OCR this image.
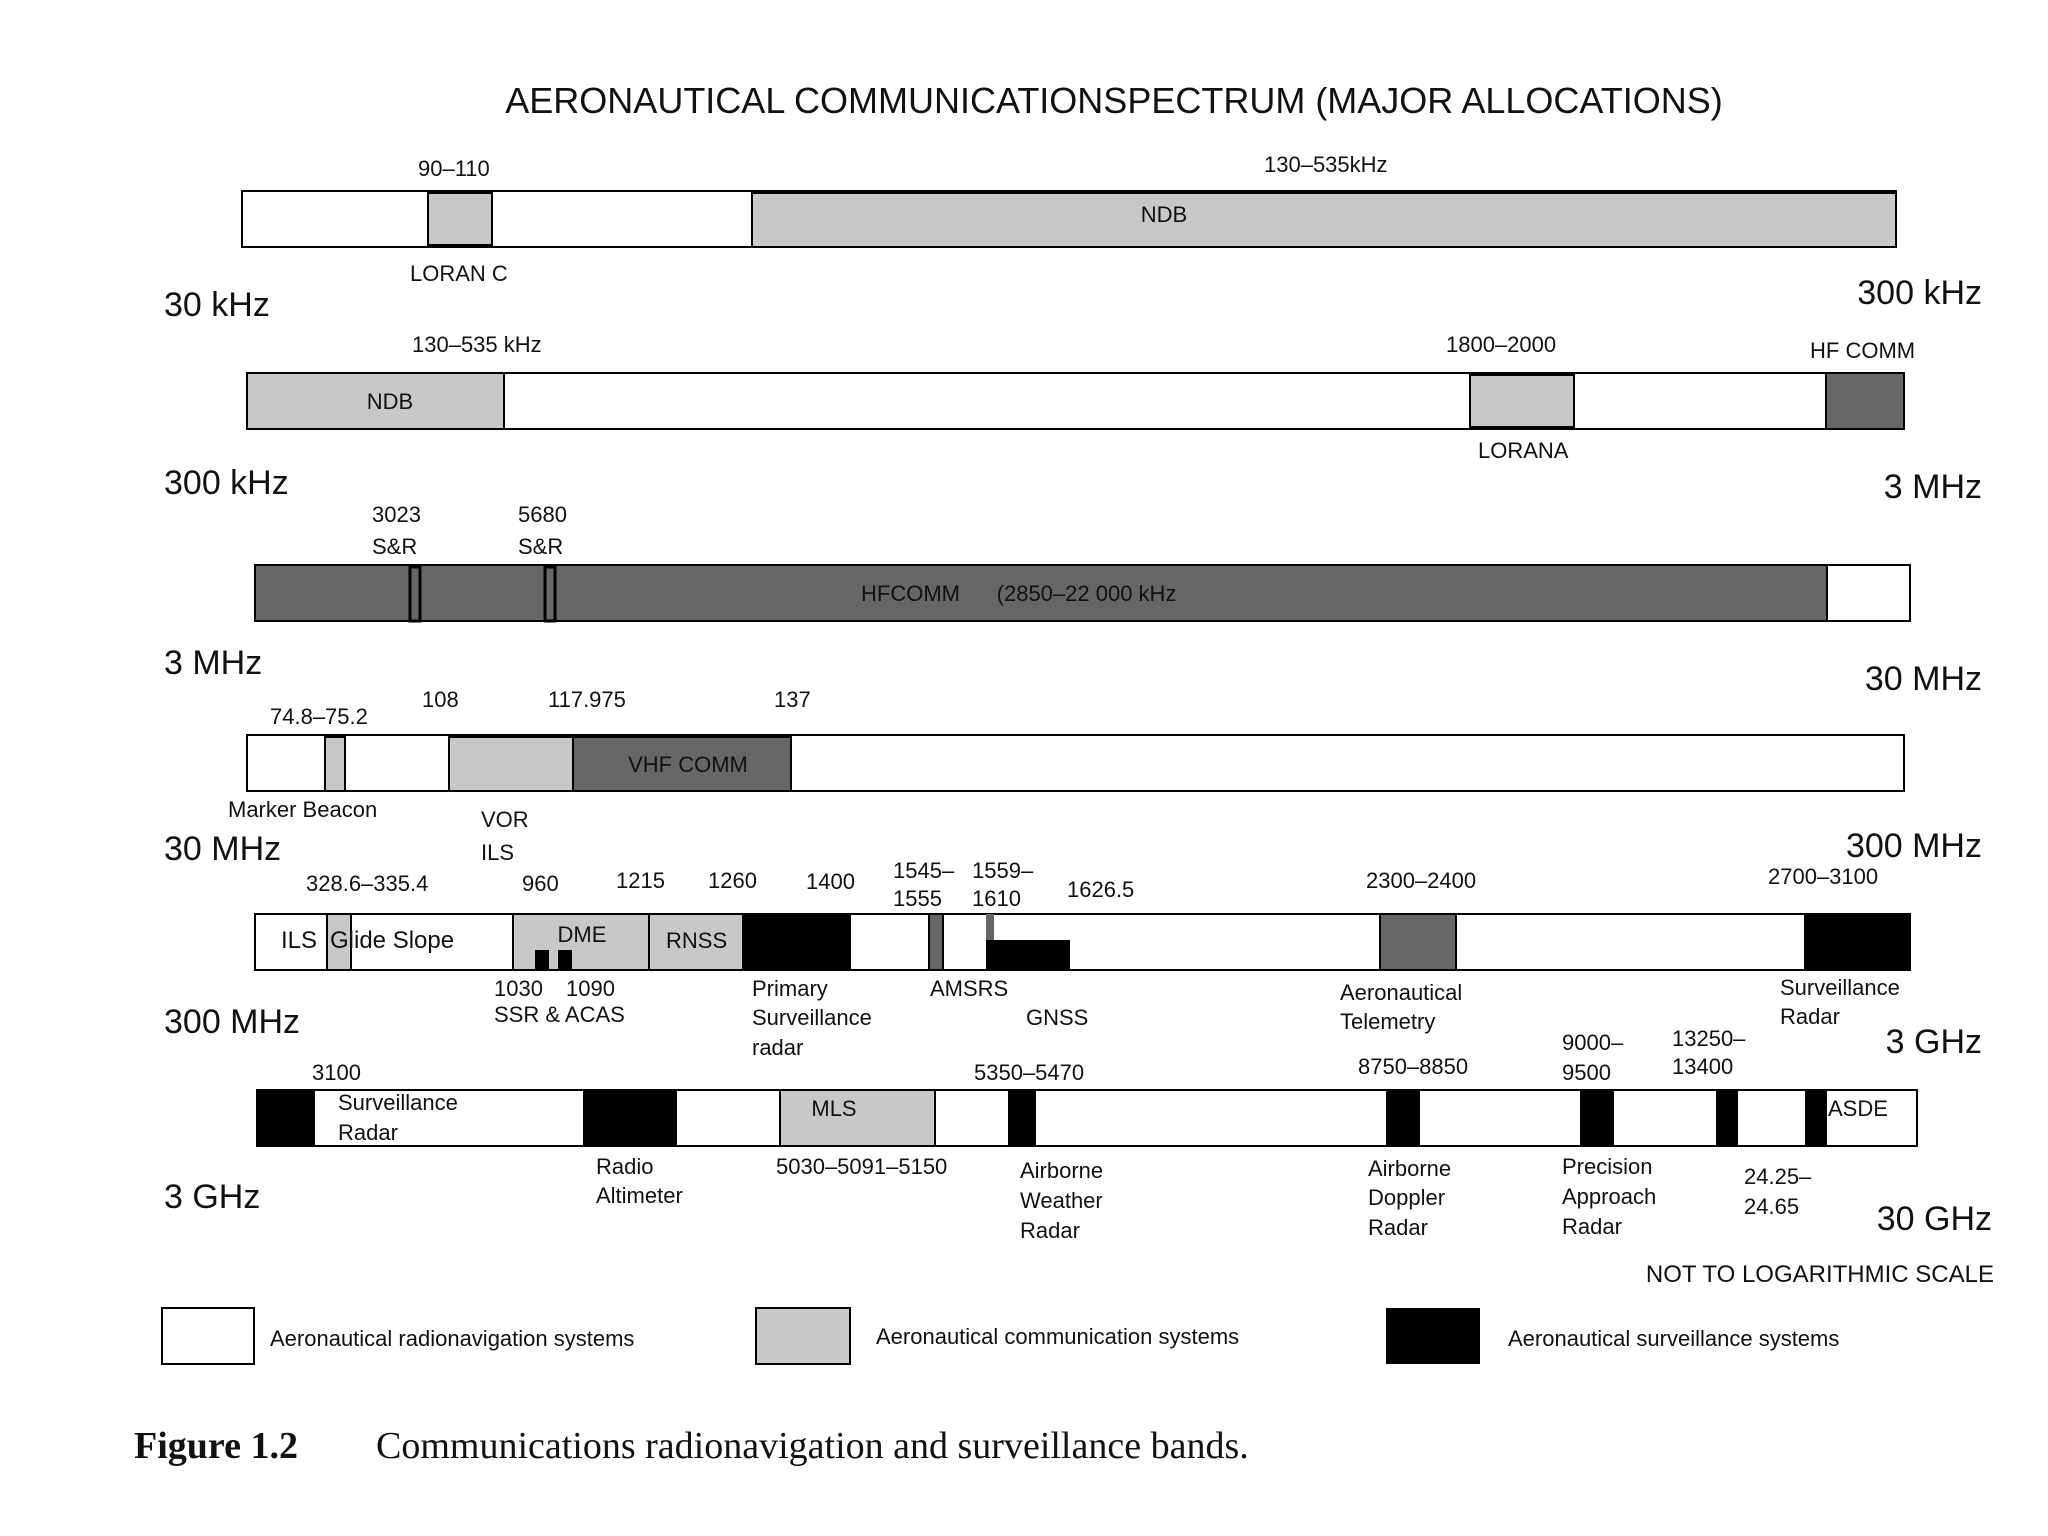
AERONAUTICAL COMMUNICATIONSPECTRUM (MAJOR ALLOCATIONS)
NDB
90–110	130–535kHz
LORAN C
30 kHz	300 kHz
NDB
130–535 kHz	1800–2000	HF COMM
LORANA
300 kHz	3 MHz
HFCOMM      (2850–22 000 kHz
3023
S&R
5680
S&R
3 MHz	30 MHz
VHF COMM
74.8–75.2
108	117.975	137
Marker Beacon	VOR
ILS
30 MHz	300 MHz
DME	RNSS
ILS Glide Slope
328.6–335.4	960	1215 1260 1400 1545–
1555
1559–
1610 1626.5	2300–2400	2700–3100
1030 1090
SSR & ACAS
Primary
Surveillance
radar
AMSRS
GNSS
Aeronautical
Telemetry
Surveillance
Radar
300 MHz
3 GHz
MLS	ASDE
3100
Surveillance
Radar
5350–5470	8750–8850
9000–
9500
13250–
13400
Radio
Altimeter
5030–5091–5150	Airborne
Weather
Radar
Airborne
Doppler
Radar
Precision
Approach
Radar
24.25–
24.65
3 GHz
30 GHz
NOT TO LOGARITHMIC SCALE
Aeronautical radionavigation systems	Aeronautical communication systems	Aeronautical surveillance systems
Figure 1.2 Communications radionavigation and surveillance bands.
